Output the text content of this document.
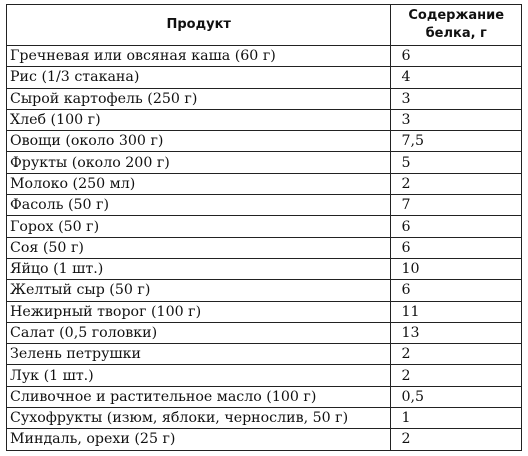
Продукт	Содержание белка, г
Гречневая или овсяная каша (60 г)	6
Рис (1/3 стакана)	4
Сырой картофель (250 г)	3
Хлеб (100 г)	3
Овощи (около 300 г)	7,5
Фрукты (около 200 г)	5
Молоко (250 мл)	2
Фасоль (50 г)	7
Горох (50 г)	6
Соя (50 г)	6
Яйцо (1 шт.)	10
Желтый сыр (50 г)	6
Нежирный творог (100 г)	11
Салат (0,5 головки)	13
Зелень петрушки	2
Лук (1 шт.)	2
Сливочное и растительное масло (100 г)	0,5
Сухофрукты (изюм, яблоки, чернослив, 50 г)	1
Миндаль, орехи (25 г)	2
